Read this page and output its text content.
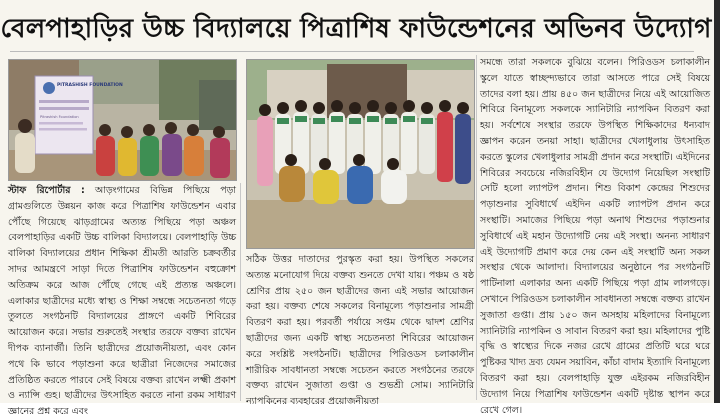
বেলপাহাড়ির উচ্চ বিদ্যালয়ে পিত্রাশিষ ফাউন্ডেশনের অভিনব উদ্যোগ
PITRASHISH FOUNDATION
Pitrashish Foundation
স্টাফ রিপোর্টার : আড়ংগামের বিভিন্ন পিছিয়ে পড়া গ্রামগুলিতে উন্নয়ন কাজ করে পিত্রাশিষ ফাউন্ডেশন এবার পৌঁছে গিয়েছে ঝাড়গ্রামের অত্যন্ত পিছিয়ে পড়া অঞ্চল বেলপাহাড়ির একটি উচ্চ বালিকা বিদ্যালয়ে। বেলপাহাড়ি উচ্চ বালিকা বিদ্যালয়ের প্রধান শিক্ষিকা শ্রীমতী আরতি চক্রবর্তীর সাদর আমন্ত্রণে সাড়া দিতে পিত্রাশিষ ফাউন্ডেশন বহুক্রোশ অতিক্রম করে আজ পৌঁছে গেছে এই প্রত্যন্ত অঞ্চলে। এলাকার ছাত্রীদের মধ্যে স্বাস্থ্য ও শিক্ষা সম্বন্ধে সচেতনতা গড়ে তুলতে সংগঠনটি বিদ্যালয়ের প্রাঙ্গণে একটি শিবিরের আয়োজন করে। সভার শুরুতেই সংস্থার তরফে বক্তব্য রাখেন দীপক ব্যানার্জী। তিনি ছাত্রীদের প্রয়োজনীয়তা, এবং কোন পথে কি ভাবে পড়াশুনা করে ছাত্রীরা নিজেদের সমাজের প্রতিষ্ঠিত করতে পারবে সেই বিষয়ে বক্তব্য রাখেন লক্ষ্মী প্রকাশ ও ন্যান্সি গুহ। ছাত্রীদের উৎসাহিত করতে নানা রকম সাধারণ জ্ঞানের প্রশ্ন করে এবং
সঠিক উত্তর দাতাদের পুরস্কৃত করা হয়। উপস্থিত সকলের অত্যন্ত মনোযোগ দিয়ে বক্তব্য শুনতে দেখা যায়। পঞ্চম ও ষষ্ঠ শ্রেণির প্রায় ২৫০ জন ছাত্রীদের জন্য এই সভার আয়োজন করা হয়। বক্তব্য শেষে সকলের বিনামূল্যে পড়াশুনার সামগ্রী বিতরণ করা হয়। পরবর্তী পর্যায়ে সপ্তম থেকে দ্বাদশ শ্রেণির ছাত্রীদের জন্য একটি স্বাস্থ্য সচেতনতা শিবিরের আয়োজন করে সংশ্লিষ্ট সংগঠনটি। ছাত্রীদের পিরিওডস চলাকালীন শারীরিক সাবধানতা সম্বন্ধে সচেতন করতে সংগঠনের তরফে বক্তব্য রাখেন সুজাতা গুপ্তা ও শুভশ্রী সোম। স্যানিটারি ন্যাপকিনের ব্যবহারের প্রয়োজনীয়তা
সমন্ধে তারা সকলকে বুঝিয়ে বলেন। পিরিওডস চলাকালীন স্কুলে যাতে স্বাচ্ছন্দ্যভাবে তারা আসতে পারে সেই বিষয়ে তাদের বলা হয়। প্রায় ৪৫০ জন ছাত্রীদের নিয়ে এই আয়োজিত শিবিরে বিনামূল্যে সকলকে স্যানিটারি ন্যাপকিন বিতরণ করা হয়। সর্বশেষে সংস্থার তরফে উপস্থিত শিক্ষিকাদের ধন্যবাদ জ্ঞাপন করেন তনয়া সাহা। ছাত্রীদের খেলাধুলায় উৎসাহিত করতে স্কুলের খেলাধুলার সামগ্রী প্রদান করে সংস্থাটি। এইদিনের শিবিরের সবচেয়ে নজিরবিহীন যে উদ্যোগ নিয়েছিল সংস্থাটি সেটি হলো ল্যাপটপ প্রদান। শিশু বিকাশ কেন্দ্রের শিশুদের পড়াশুনার সুবিধার্থে এইদিন একটি ল্যাপটপ প্রদান করে সংস্থাটি। সমাজের পিছিয়ে পড়া অনাথ শিশুদের পড়াশুনার সুবিধার্থে এই মহান উদ্যোগটি নেয় এই সংস্থা। অনন্য সাধারণ এই উদ্যোগটি প্রমাণ করে দেয় কেন এই সংস্থাটি অন্য সকল সংস্থার থেকে আলাদা। বিদ্যালয়ের অনুষ্ঠানে পর সংগঠনটি পাটিনালা এলাকার অন্য একটি পিছিয়ে পড়া গ্রাম লালগড়ে। সেখানে পিরিওডস চলাকালীন সাবধানতা সম্বন্ধে বক্তব্য রাখেন সুজাতা গুপ্তা। প্রায় ১৫০ জন অসহায় মহিলাদের বিনামূল্যে স্যানিটারি ন্যাপকিন ও সাবান বিতরণ করা হয়। মহিলাদের পুষ্টি বৃদ্ধি ও স্বাস্থ্যের দিকে নজর রেখে গ্রামের প্রতিটি ঘরে ঘরে পুষ্টিকর খাদ্য দ্রব্য যেমন সয়াবিন, কাঁচা বাদাম ইত্যাদি বিনামূল্যে বিতরণ করা হয়। বেলপাহাড়ি যুক্ত এইরকম নজিরবিহীন উদ্যোগ নিয়ে পিত্রাশিষ ফাউন্ডেশন একটি দৃষ্টান্ত স্থাপন করে রেখে গেল।
